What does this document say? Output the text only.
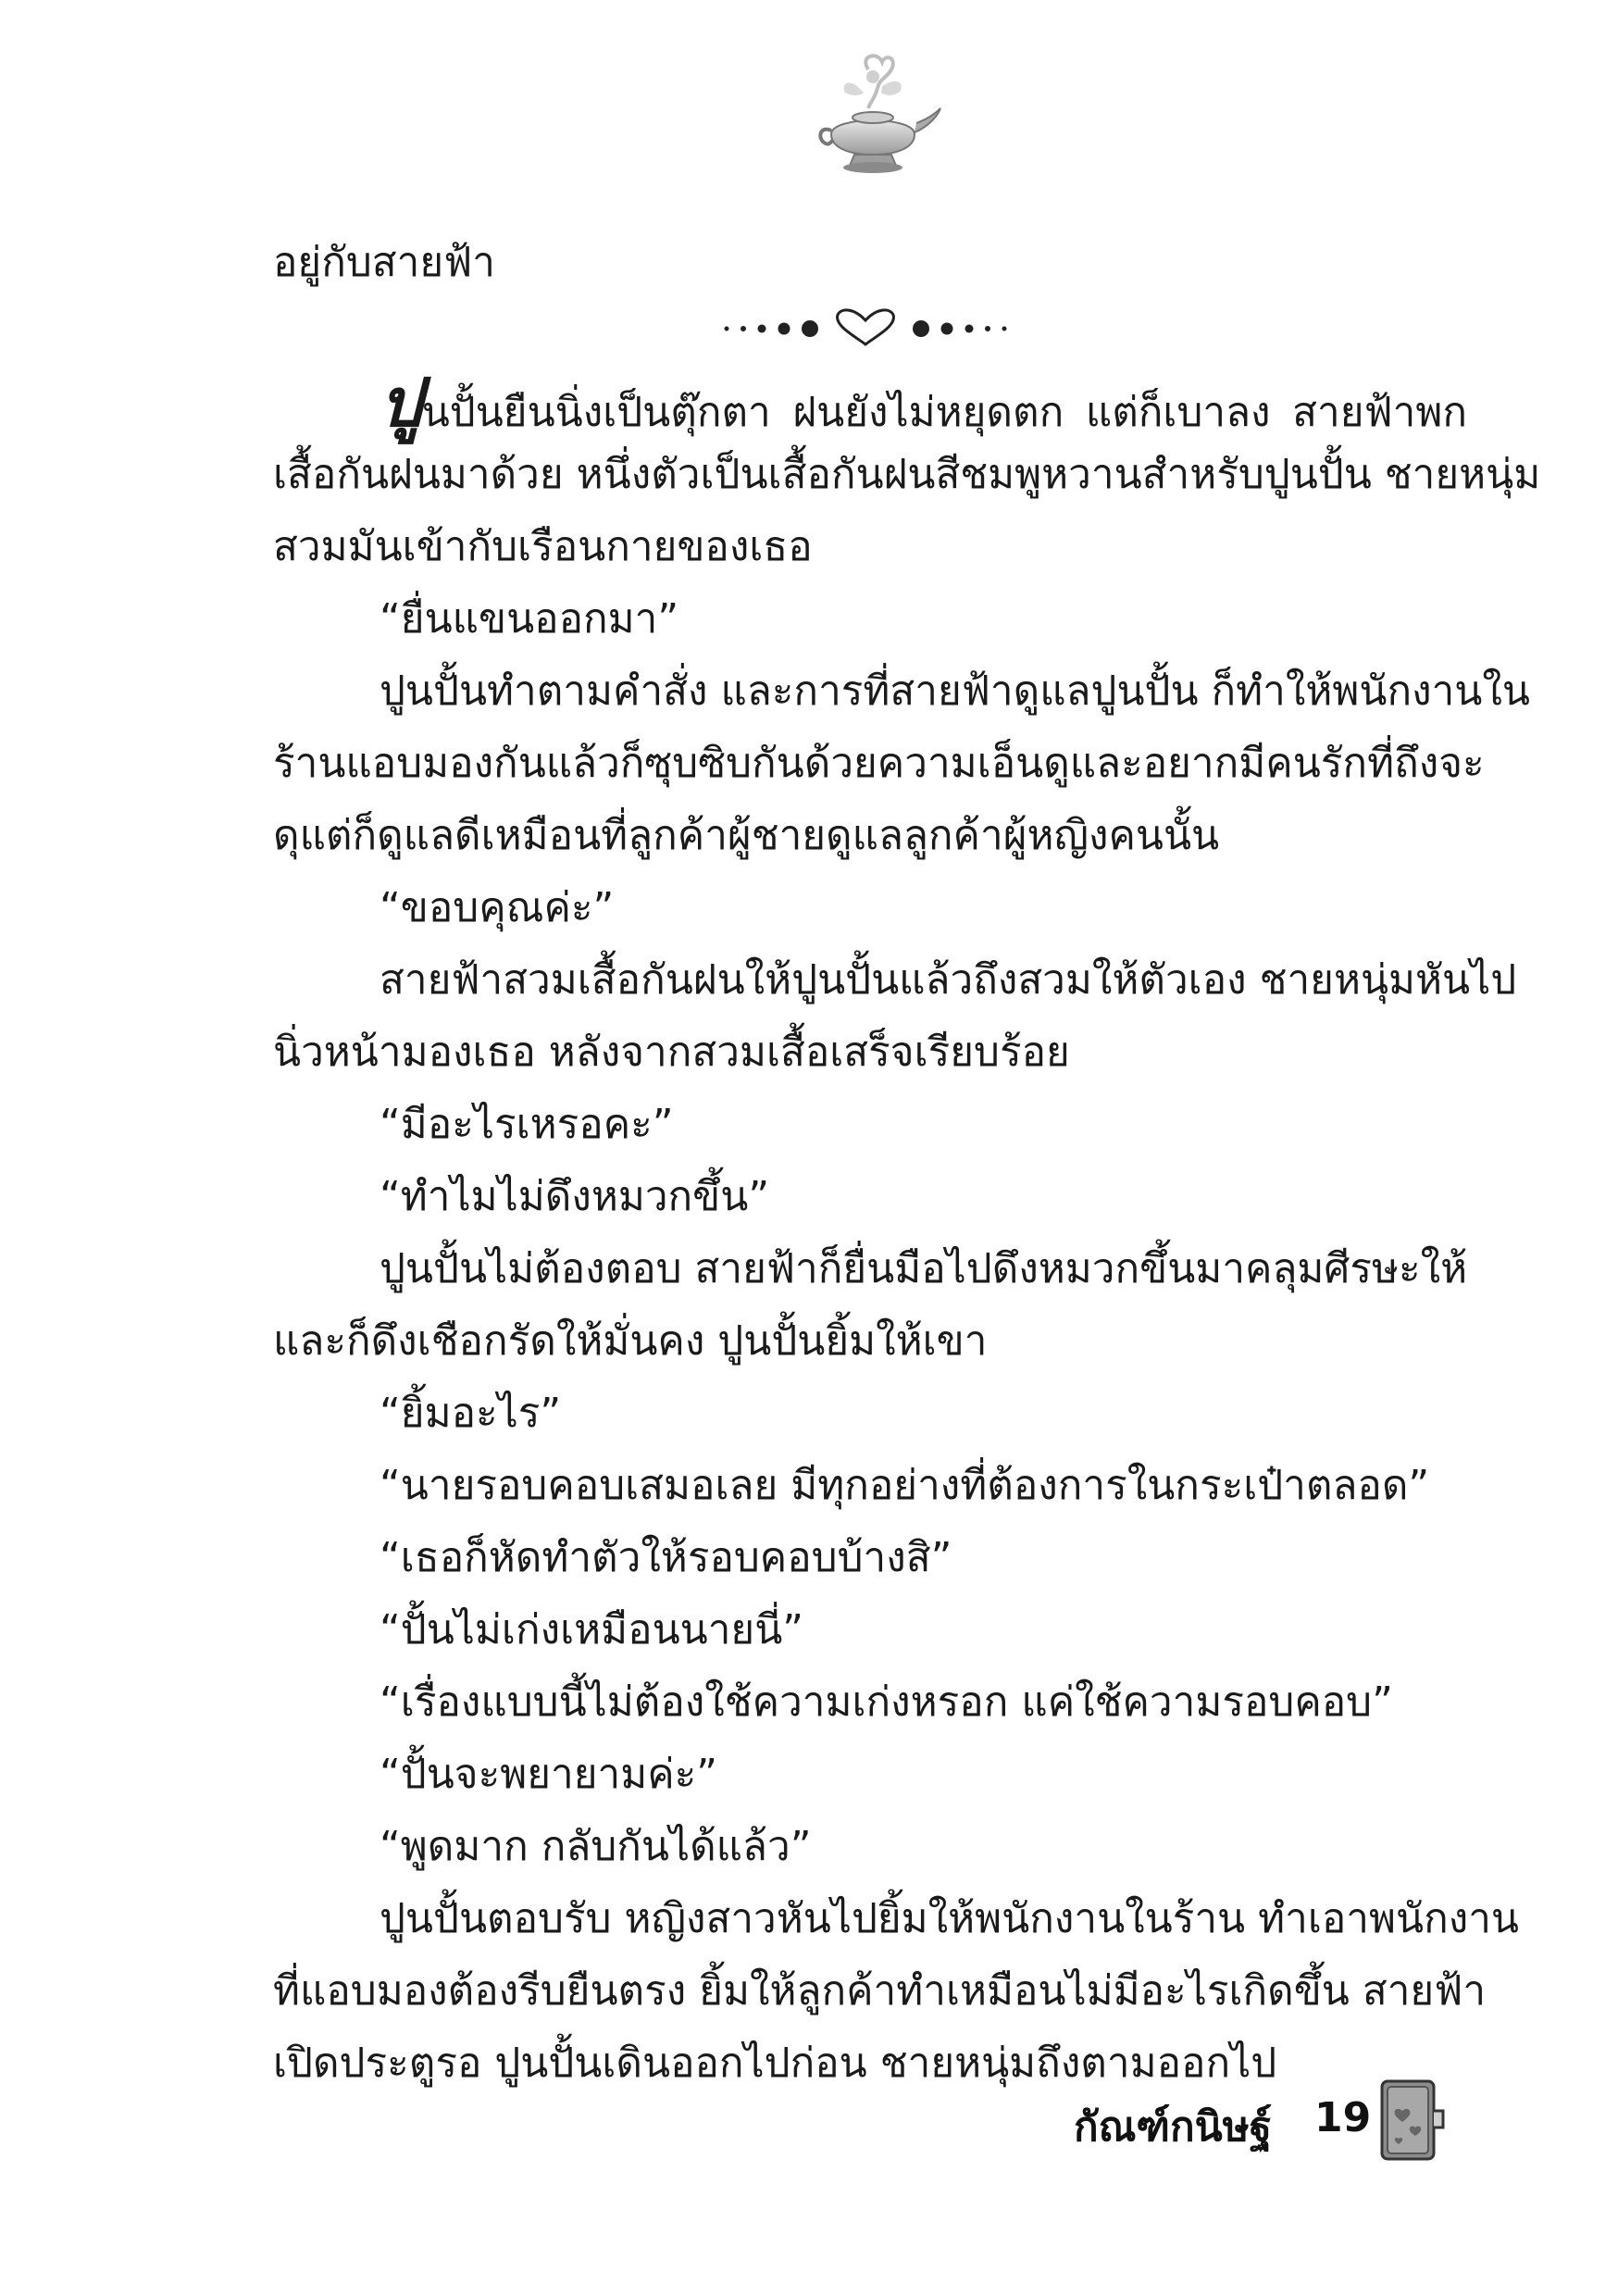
อยู่กับสายฟ้า
ปูนปั้นยืนนิ่งเป็นตุ๊กตา ฝนยังไม่หยุดตก แต่ก็เบาลง สายฟ้าพก
เสื้อกันฝนมาด้วย หนึ่งตัวเป็นเสื้อกันฝนสีชมพูหวานสำหรับปูนปั้น ชายหนุ่ม
สวมมันเข้ากับเรือนกายของเธอ
“ยื่นแขนออกมา”
ปูนปั้นทำตามคำสั่ง และการที่สายฟ้าดูแลปูนปั้น ก็ทำให้พนักงานใน
ร้านแอบมองกันแล้วก็ซุบซิบกันด้วยความเอ็นดูและอยากมีคนรักที่ถึงจะ
ดุแต่ก็ดูแลดีเหมือนที่ลูกค้าผู้ชายดูแลลูกค้าผู้หญิงคนนั้น
“ขอบคุณค่ะ”
สายฟ้าสวมเสื้อกันฝนให้ปูนปั้นแล้วถึงสวมให้ตัวเอง ชายหนุ่มหันไป
นิ่วหน้ามองเธอ หลังจากสวมเสื้อเสร็จเรียบร้อย
“มีอะไรเหรอคะ”
“ทำไมไม่ดึงหมวกขึ้น”
ปูนปั้นไม่ต้องตอบ สายฟ้าก็ยื่นมือไปดึงหมวกขึ้นมาคลุมศีรษะให้
และก็ดึงเชือกรัดให้มั่นคง ปูนปั้นยิ้มให้เขา
“ยิ้มอะไร”
“นายรอบคอบเสมอเลย มีทุกอย่างที่ต้องการในกระเป๋าตลอด”
“เธอก็หัดทำตัวให้รอบคอบบ้างสิ”
“ปั้นไม่เก่งเหมือนนายนี่”
“เรื่องแบบนี้ไม่ต้องใช้ความเก่งหรอก แค่ใช้ความรอบคอบ”
“ปั้นจะพยายามค่ะ”
“พูดมาก กลับกันได้แล้ว”
ปูนปั้นตอบรับ หญิงสาวหันไปยิ้มให้พนักงานในร้าน ทำเอาพนักงาน
ที่แอบมองต้องรีบยืนตรง ยิ้มให้ลูกค้าทำเหมือนไม่มีอะไรเกิดขึ้น สายฟ้า
เปิดประตูรอ ปูนปั้นเดินออกไปก่อน ชายหนุ่มถึงตามออกไป
กัณฑ์กนิษฐ์ 19
